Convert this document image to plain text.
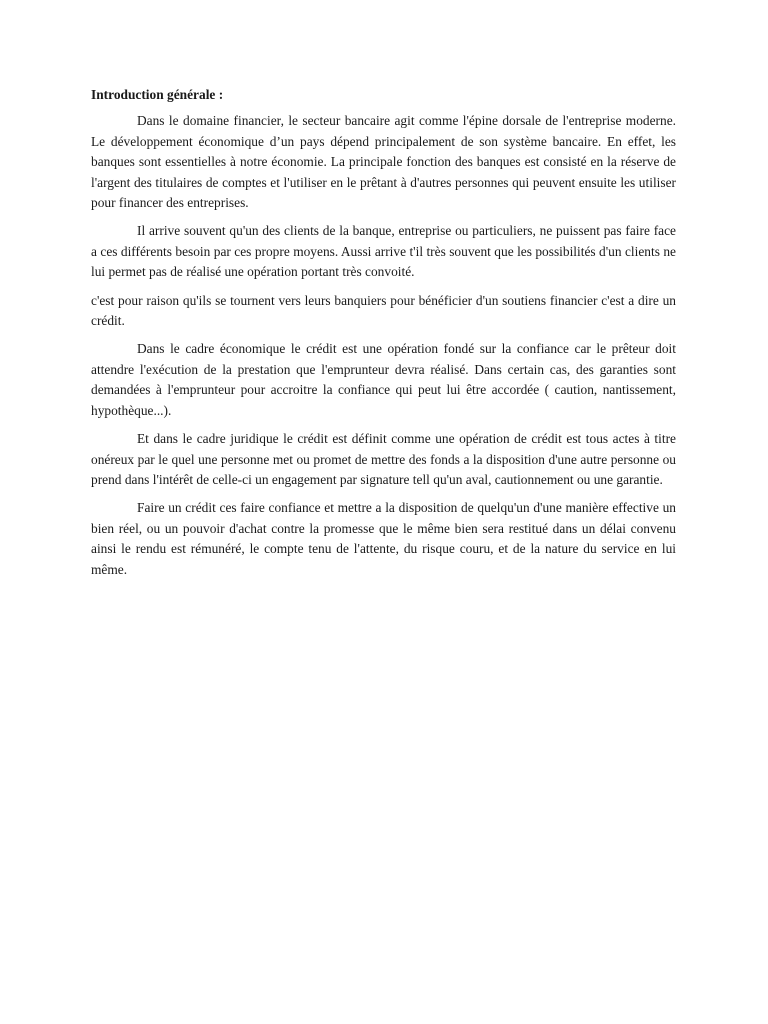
Introduction générale :

Dans le domaine financier, le secteur bancaire agit comme l'épine dorsale de l'entreprise moderne. Le développement économique d’un pays dépend principalement de son système bancaire. En effet, les banques sont essentielles à notre économie. La principale fonction des banques est consisté en la réserve de l'argent des titulaires de comptes et l'utiliser en le prêtant à d'autres personnes qui peuvent ensuite les utiliser pour financer des entreprises.

Il arrive souvent qu'un des clients de la banque, entreprise ou particuliers, ne puissent pas faire face a ces différents besoin par ces propre moyens. Aussi arrive t'il très souvent que les possibilités d'un clients ne lui permet pas de réalisé une opération portant très convoité.

c'est pour raison qu'ils se tournent vers leurs banquiers pour bénéficier d'un soutiens financier c'est a dire un crédit.

Dans le cadre économique le crédit est une opération fondé sur la confiance car le prêteur doit attendre l'exécution de la prestation que l'emprunteur devra réalisé. Dans certain cas, des garanties sont demandées à l'emprunteur pour accroitre la confiance qui peut lui être accordée ( caution, nantissement, hypothèque...).

Et dans le cadre juridique le crédit est définit comme une opération de crédit est tous actes à titre onéreux par le quel une personne met ou promet de mettre des fonds a la disposition d'une autre personne ou prend dans l'intérêt de celle-ci un engagement par signature tell qu'un aval, cautionnement ou une garantie.

Faire un crédit ces faire confiance et mettre a la disposition de quelqu'un d'une manière effective un bien réel, ou un pouvoir d'achat contre la promesse que le même bien sera restitué dans un délai convenu ainsi le rendu est rémunéré, le compte tenu de l'attente, du risque couru, et de la nature du service en lui même.
